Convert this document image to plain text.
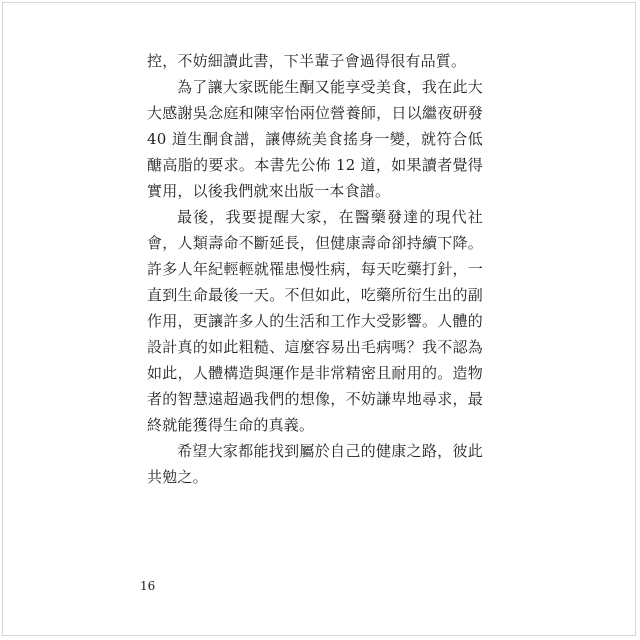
控，不妨細讀此書，下半輩子會過得很有品質。

為了讓大家既能生酮又能享受美食，我在此大大感謝吳念庭和陳宰怡兩位營養師，日以繼夜研發 40 道生酮食譜，讓傳統美食搖身一變，就符合低醣高脂的要求。本書先公佈 12 道，如果讀者覺得實用，以後我們就來出版一本食譜。

最後，我要提醒大家，在醫藥發達的現代社會，人類壽命不斷延長，但健康壽命卻持續下降。許多人年紀輕輕就罹患慢性病，每天吃藥打針，一直到生命最後一天。不但如此，吃藥所衍生出的副作用，更讓許多人的生活和工作大受影響。人體的設計真的如此粗糙、這麼容易出毛病嗎？我不認為如此，人體構造與運作是非常精密且耐用的。造物者的智慧遠超過我們的想像，不妨謙卑地尋求，最終就能獲得生命的真義。

希望大家都能找到屬於自己的健康之路，彼此共勉之。

16
